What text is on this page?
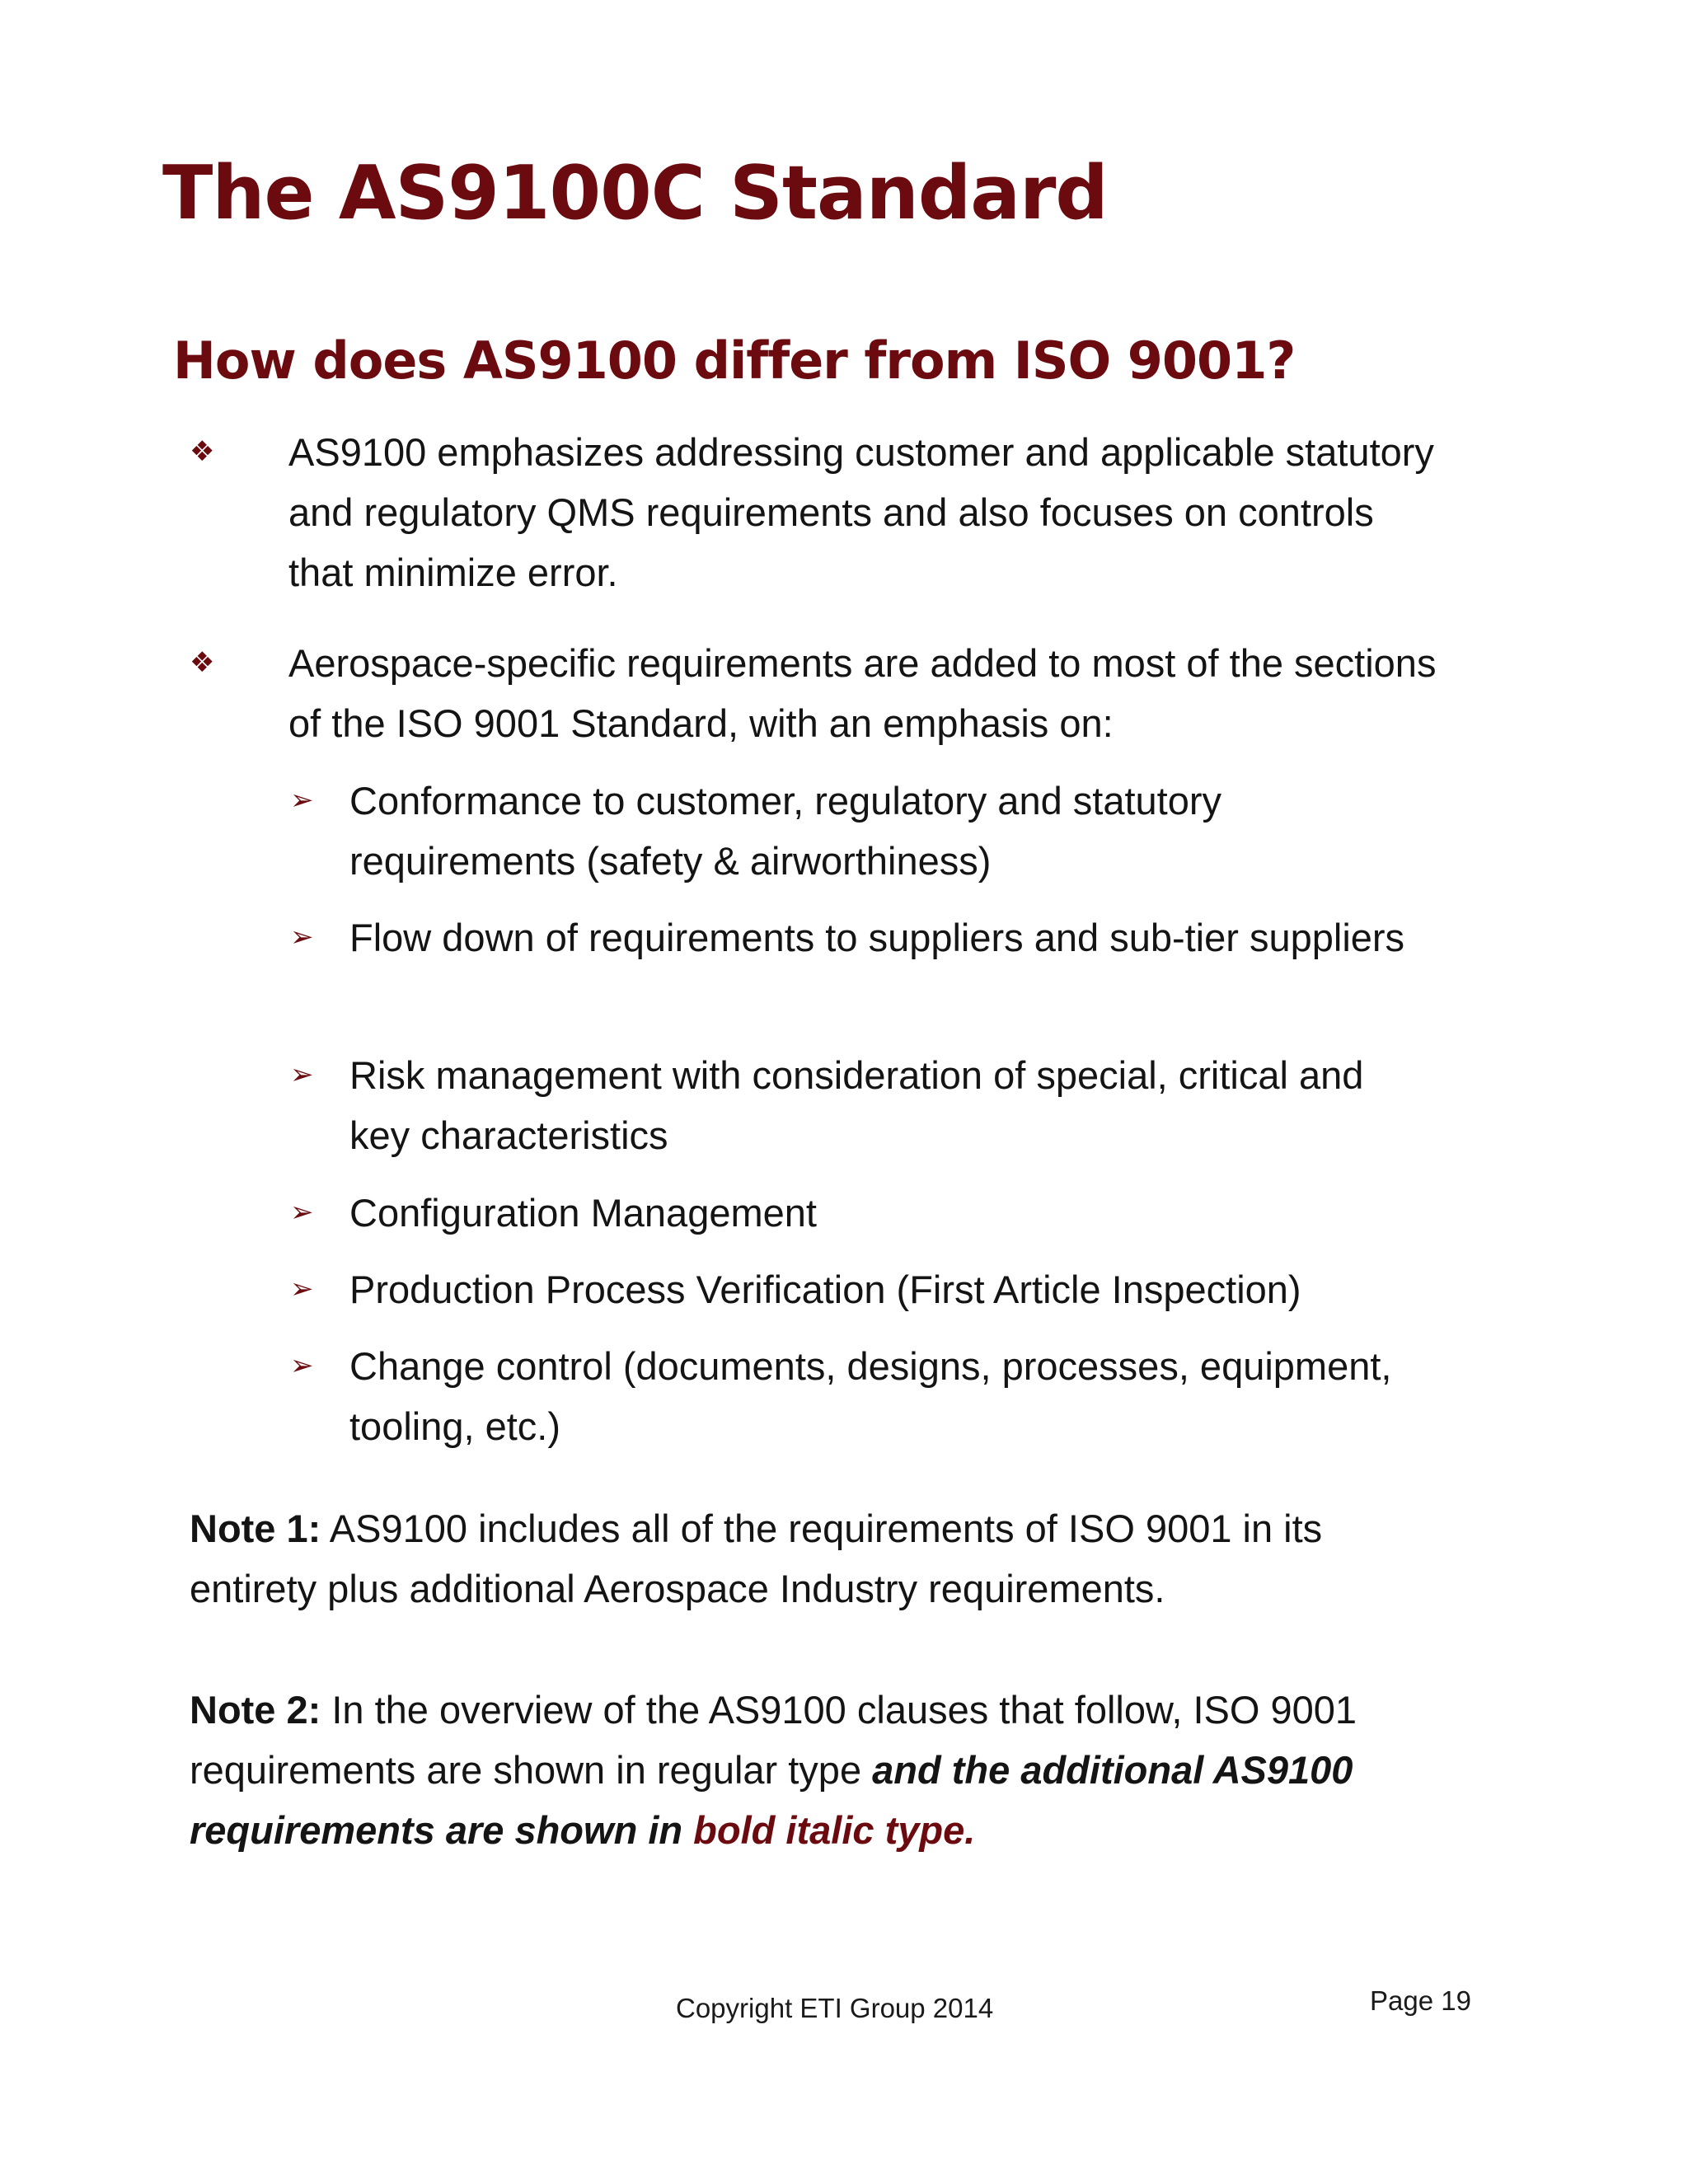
The AS9100C Standard
How does AS9100 differ from ISO 9001?
❖ AS9100 emphasizes addressing customer and applicable statutory and regulatory QMS requirements and also focuses on controls that minimize error.
❖ Aerospace-specific requirements are added to most of the sections of the ISO 9001 Standard, with an emphasis on:
➢ Conformance to customer, regulatory and statutory requirements (safety & airworthiness)
➢ Flow down of requirements to suppliers and sub-tier suppliers
➢ Risk management with consideration of special, critical and key characteristics
➢ Configuration Management
➢ Production Process Verification (First Article Inspection)
➢ Change control (documents, designs, processes, equipment, tooling, etc.)
Note 1: AS9100 includes all of the requirements of ISO 9001 in its entirety plus additional Aerospace Industry requirements.
Note 2: In the overview of the AS9100 clauses that follow, ISO 9001 requirements are shown in regular type and the additional AS9100 requirements are shown in bold italic type.
Copyright ETI Group 2014	Page 19
